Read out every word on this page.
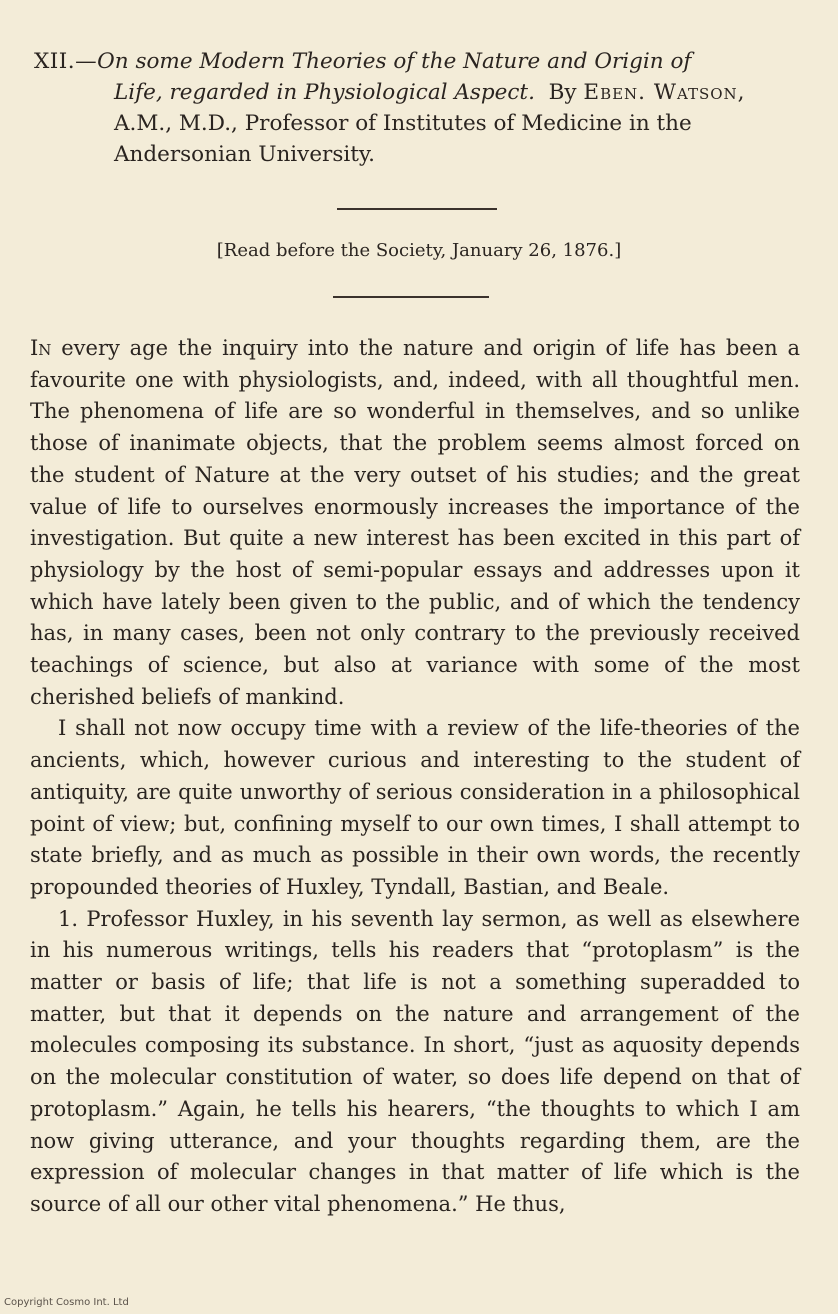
XII.—On some Modern Theories of the Nature and Origin of
Life, regarded in Physiological Aspect. By Eben. Watson,
A.M., M.D., Professor of Institutes of Medicine in the
Andersonian University.
[Read before the Society, January 26, 1876.]

In every age the inquiry into the nature and origin of life has been a favourite one with physiologists, and, indeed, with all thoughtful men. The phenomena of life are so wonderful in themselves, and so unlike those of inanimate objects, that the problem seems almost forced on the student of Nature at the very outset of his studies; and the great value of life to ourselves enormously increases the importance of the investigation. But quite a new interest has been excited in this part of physiology by the host of semi-popular essays and addresses upon it which have lately been given to the public, and of which the tendency has, in many cases, been not only contrary to the previously received teachings of science, but also at variance with some of the most cherished beliefs of mankind.

I shall not now occupy time with a review of the life-theories of the ancients, which, however curious and interesting to the student of antiquity, are quite unworthy of serious consideration in a philosophical point of view; but, confining myself to our own times, I shall attempt to state briefly, and as much as possible in their own words, the recently propounded theories of Huxley, Tyndall, Bastian, and Beale.

1. Professor Huxley, in his seventh lay sermon, as well as elsewhere in his numerous writings, tells his readers that “protoplasm” is the matter or basis of life; that life is not a something superadded to matter, but that it depends on the nature and arrangement of the molecules composing its substance. In short, “just as aquosity depends on the molecular constitution of water, so does life depend on that of protoplasm.” Again, he tells his hearers, “the thoughts to which I am now giving utterance, and your thoughts regarding them, are the expression of molecular changes in that matter of life which is the source of all our other vital phenomena.” He thus,

Copyright Cosmo Int. Ltd
